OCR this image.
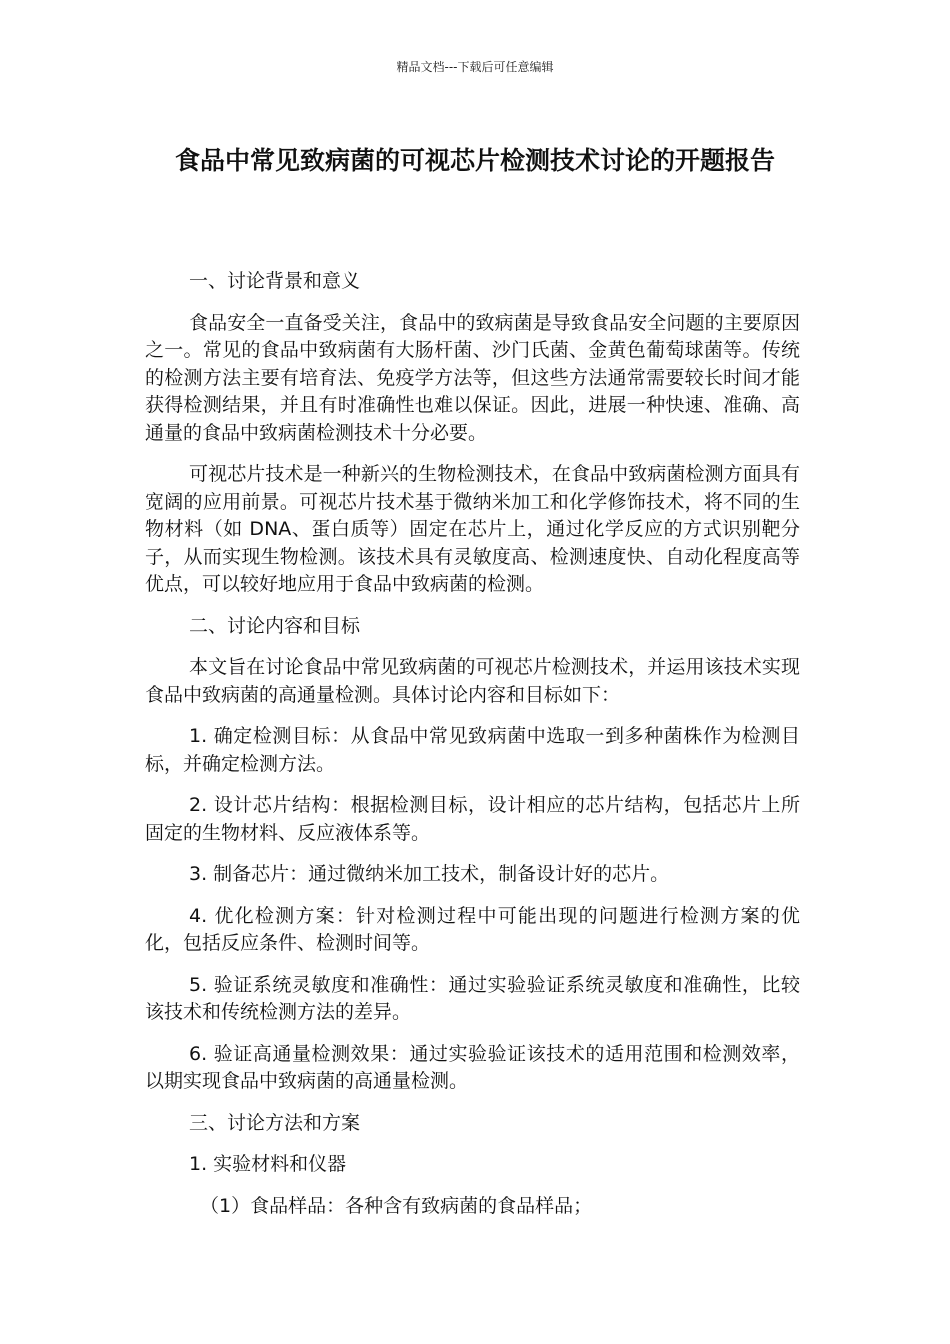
精品文档---下载后可任意编辑
食品中常见致病菌的可视芯片检测技术讨论的开题报告

一、讨论背景和意义

食品安全一直备受关注，食品中的致病菌是导致食品安全问题的主要原因之一。常见的食品中致病菌有大肠杆菌、沙门氏菌、金黄色葡萄球菌等。传统的检测方法主要有培育法、免疫学方法等，但这些方法通常需要较长时间才能获得检测结果，并且有时准确性也难以保证。因此，进展一种快速、准确、高通量的食品中致病菌检测技术十分必要。

可视芯片技术是一种新兴的生物检测技术，在食品中致病菌检测方面具有宽阔的应用前景。可视芯片技术基于微纳米加工和化学修饰技术，将不同的生物材料（如 DNA、蛋白质等）固定在芯片上，通过化学反应的方式识别靶分子，从而实现生物检测。该技术具有灵敏度高、检测速度快、自动化程度高等优点，可以较好地应用于食品中致病菌的检测。

二、讨论内容和目标

本文旨在讨论食品中常见致病菌的可视芯片检测技术，并运用该技术实现食品中致病菌的高通量检测。具体讨论内容和目标如下：

1. 确定检测目标：从食品中常见致病菌中选取一到多种菌株作为检测目标，并确定检测方法。

2. 设计芯片结构：根据检测目标，设计相应的芯片结构，包括芯片上所固定的生物材料、反应液体系等。

3. 制备芯片：通过微纳米加工技术，制备设计好的芯片。

4. 优化检测方案：针对检测过程中可能出现的问题进行检测方案的优化，包括反应条件、检测时间等。

5. 验证系统灵敏度和准确性：通过实验验证系统灵敏度和准确性，比较该技术和传统检测方法的差异。

6. 验证高通量检测效果：通过实验验证该技术的适用范围和检测效率，以期实现食品中致病菌的高通量检测。

三、讨论方法和方案

1. 实验材料和仪器

（1）食品样品：各种含有致病菌的食品样品；
